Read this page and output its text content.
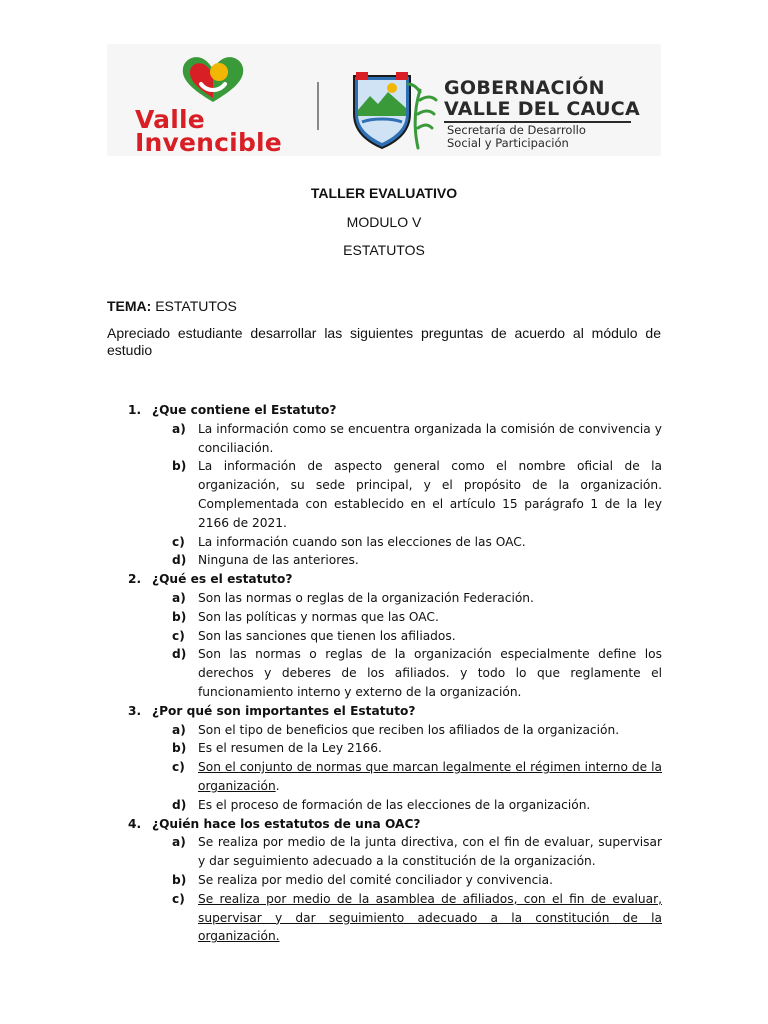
Valle
Invencible
GOBERNACIÓN
VALLE DEL CAUCA
Secretaría de Desarrollo
Social y Participación
TALLER EVALUATIVO
MODULO V
ESTATUTOS
TEMA: ESTATUTOS
Apreciado estudiante desarrollar las siguientes preguntas de acuerdo al módulo de estudio
1. ¿Que contiene el Estatuto?
a) La información como se encuentra organizada la comisión de convivencia y conciliación.
b) La información de aspecto general como el nombre oficial de la organización, su sede principal, y el propósito de la organización. Complementada con establecido en el artículo 15 parágrafo 1 de la ley 2166 de 2021.
c) La información cuando son las elecciones de las OAC.
d) Ninguna de las anteriores.
2. ¿Qué es el estatuto?
a) Son las normas o reglas de la organización Federación.
b) Son las políticas y normas que las OAC.
c) Son las sanciones que tienen los afiliados.
d) Son las normas o reglas de la organización especialmente define los derechos y deberes de los afiliados. y todo lo que reglamente el funcionamiento interno y externo de la organización.
3. ¿Por qué son importantes el Estatuto?
a) Son el tipo de beneficios que reciben los afiliados de la organización.
b) Es el resumen de la Ley 2166.
c) Son el conjunto de normas que marcan legalmente el régimen interno de la organización.
d) Es el proceso de formación de las elecciones de la organización.
4. ¿Quién hace los estatutos de una OAC?
a) Se realiza por medio de la junta directiva, con el fin de evaluar, supervisar y dar seguimiento adecuado a la constitución de la organización.
b) Se realiza por medio del comité conciliador y convivencia.
c) Se realiza por medio de la asamblea de afiliados, con el fin de evaluar, supervisar y dar seguimiento adecuado a la constitución de la organización.
